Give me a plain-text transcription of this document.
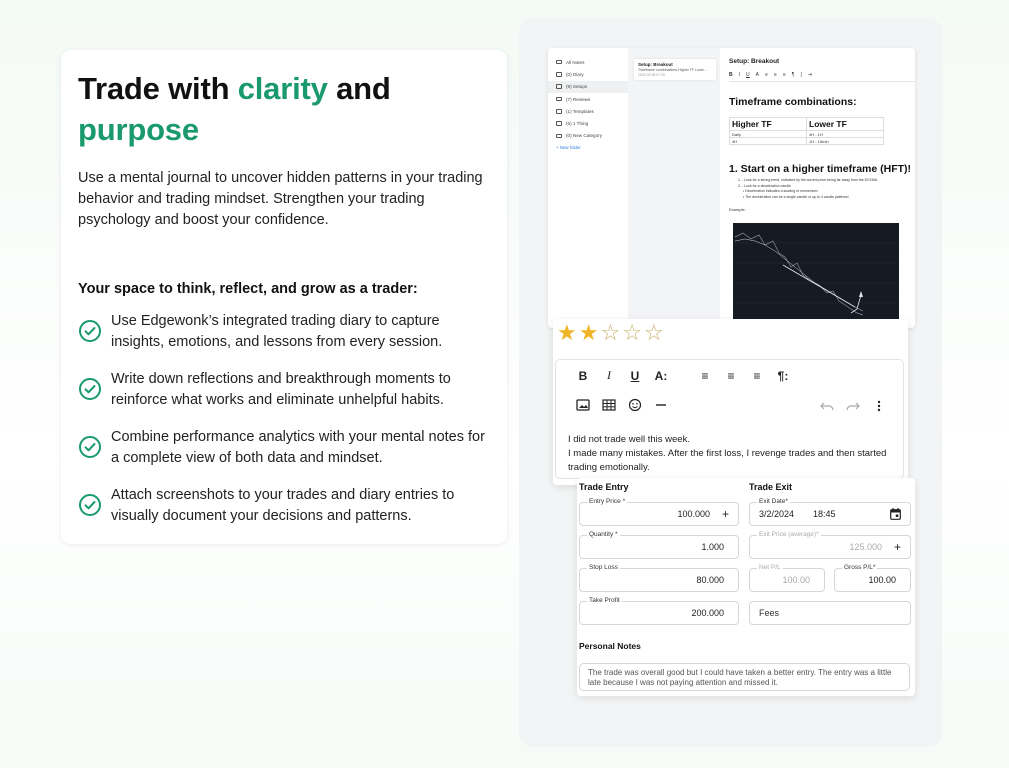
Trade with clarity and
purpose

Use a mental journal to uncover hidden patterns in your trading behavior and trading mindset. Strengthen your trading psychology and boost your confidence.

Your space to think, reflect, and grow as a trader:

Use Edgewonk’s integrated trading diary to capture insights, emotions, and lessons from every session.
Write down reflections and breakthrough moments to reinforce what works and eliminate unhelpful habits.
Combine performance analytics with your mental notes for a complete view of both data and mindset.
Attach screenshots to your trades and diary entries to visually document your decisions and patterns.
All Notes
(0) Diary
(9) Setups
(7) Reviews
(1) Templates
(6) 1 Thing
(0) New Category
+ New folder
Setup: Breakout
Timeframe combinations Higher TF Lowe...
2024-03-08 07:25
Setup: Breakout
B I U A ≡ ≡ ≡ ¶ | ⇥
Timeframe combinations:
Higher TF	Lower TF
Daily	4H - 1H
4H	1H - 15min
1. Start on a higher timeframe (HFT)!
1. - Look for a strong trend, indicated by the current price being far away from the 50 EMA
2. - Look for a deceleration candle
• Deceleration indicates a slowing of momentum
• The deceleration can be a single candle or up to 4 candle patterns!
Example:
★ ★ ☆ ☆ ☆
B	I	U	A:	≡	≡	≡	¶:
I did not trade well this week.
I made many mistakes. After the first loss, I revenge trades and then started trading emotionally.
Trade Entry	Trade Exit
Entry Price *
100.000 +
Quantity *
1.000
Stop Loss
80.000
Take Profit
200.000
Exit Date*
3/2/2024 18:45
Exit Price (average)*
125.000 +
Net P/L
100.00
Gross P/L*
100.00
Fees
Personal Notes
The trade was overall good but I could have taken a better entry. The entry was a little late because I was not paying attention and missed it.
